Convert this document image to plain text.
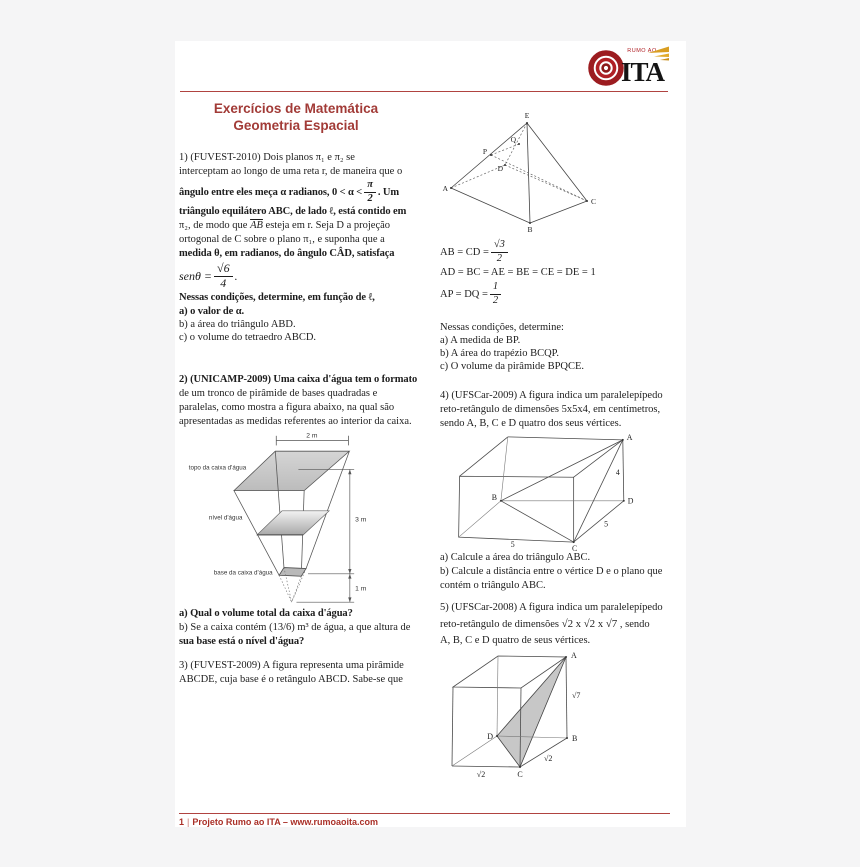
RUMO AO
ITA
Exercícios de Matemática
Geometria Espacial
1) (FUVEST-2010) Dois planos π₁ e π₂ se
interceptam ao longo de uma reta r, de maneira que o
ângulo entre eles meça α radianos, $0 < \alpha < \frac{\pi}{2}$ . Um
triângulo equilátero ABC, de lado ℓ, está contido em
π₂, de modo que $\overline{AB}$ esteja em r. Seja D a projeção
ortogonal de C sobre o plano π₁, e suponha que a
medida θ, em radianos, do ângulo CÂD, satisfaça
$sen\theta = \frac{√6}{4}$ .
Nessas condições, determine, em função de ℓ,
a) o valor de α.
b) a área do triângulo ABD.
c) o volume do tetraedro ABCD.
2) (UNICAMP-2009) Uma caixa d'água tem o formato
de um tronco de pirâmide de bases quadradas e
paralelas, como mostra a figura abaixo, na qual são
apresentadas as medidas referentes ao interior da caixa.
2 m
topo da caixa d'água
nível d'água
base da caixa d'água
3 m
1 m
a) Qual o volume total da caixa d'água?
b) Se a caixa contém (13/6) m³ de água, a que altura de
sua base está o nível d'água?
3) (FUVEST-2009) A figura representa uma pirâmide
ABCDE, cuja base é o retângulo ABCD. Sabe-se que
E
P
Q
D
A
B
C
AB = CD = $\frac{√3}{2}$
AD = BC = AE = BE = CE = DE = 1
AP = DQ = $\frac{1}{2}$
Nessas condições, determine:
a) A medida de BP.
b) A área do trapézio BCQP.
c) O volume da pirâmide BPQCE.
4) (UFSCar-2009) A figura indica um paralelepípedo
reto-retângulo de dimensões 5x5x4, em centímetros,
sendo A, B, C e D quatro dos seus vértices.
A
B
C
D
4
5
5
a) Calcule a área do triângulo ABC.
b) Calcule a distância entre o vértice D e o plano que
contém o triângulo ABC.
5) (UFSCar-2008) A figura indica um paralelepípedo
reto-retângulo de dimensões √2 x √2 x √7 , sendo
A, B, C e D quatro de seus vértices.
A
B
C
D
√7
√2
√2
1 | Projeto Rumo ao ITA – www.rumoaoita.com
